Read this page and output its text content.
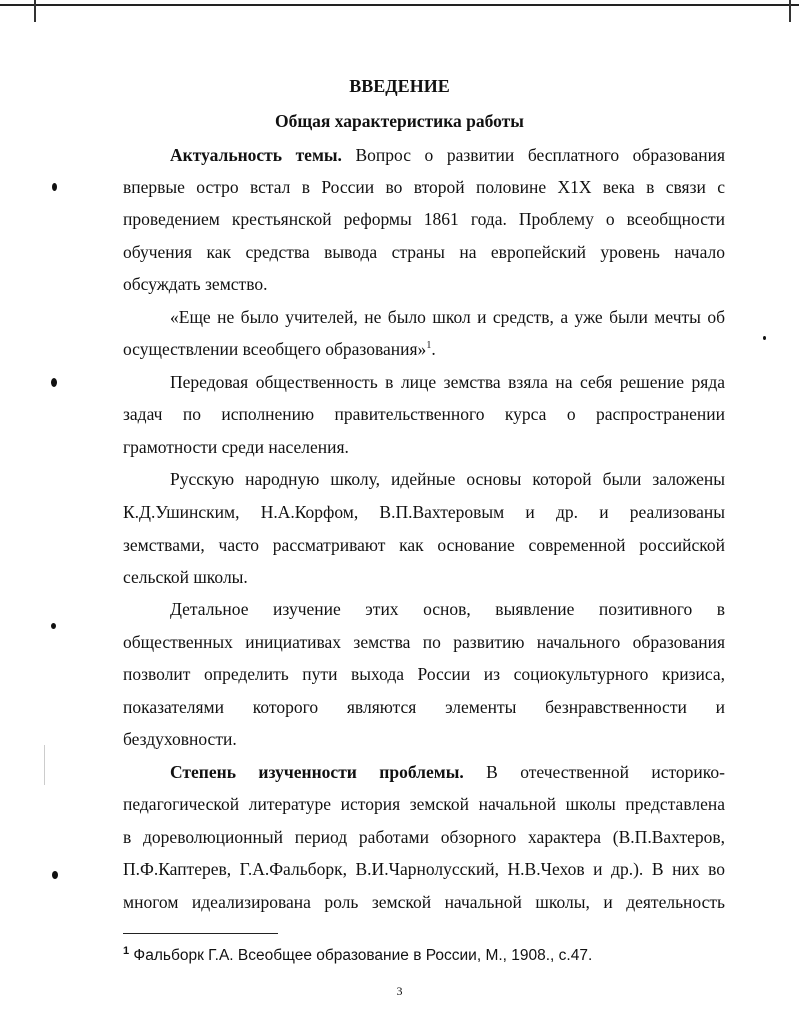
ВВЕДЕНИЕ
Общая характеристика работы

Актуальность темы. Вопрос о развитии бесплатного образования

впервые остро встал в России во второй половине Х1Х века в связи с

проведением крестьянской реформы 1861 года. Проблему о всеобщности

обучения как средства вывода страны на европейский уровень начало

обсуждать земство.

«Еще не было учителей, не было школ и средств, а уже были мечты об

осуществлении всеобщего образования»$^1$.

Передовая общественность в лице земства взяла на себя решение ряда

задач по исполнению правительственного курса о распространении

грамотности среди населения.

Русскую народную школу, идейные основы которой были заложены

К.Д.Ушинским, Н.А.Корфом, В.П.Вахтеровым и др. и реализованы

земствами, часто рассматривают как основание современной российской

сельской школы.

Детальное изучение этих основ, выявление позитивного в

общественных инициативах земства по развитию начального образования

позволит определить пути выхода России из социокультурного кризиса,

показателями которого являются элементы безнравственности и

бездуховности.

Степень изученности проблемы. В отечественной историко-

педагогической литературе история земской начальной школы представлена

в дореволюционный период работами обзорного характера (В.П.Вахтеров,

П.Ф.Каптерев, Г.А.Фальборк, В.И.Чарнолусский, Н.В.Чехов и др.). В них во

многом идеализирована роль земской начальной школы, и деятельность

$^1$ Фальборк Г.А. Всеобщее образование в России, М., 1908., с.47.
3
